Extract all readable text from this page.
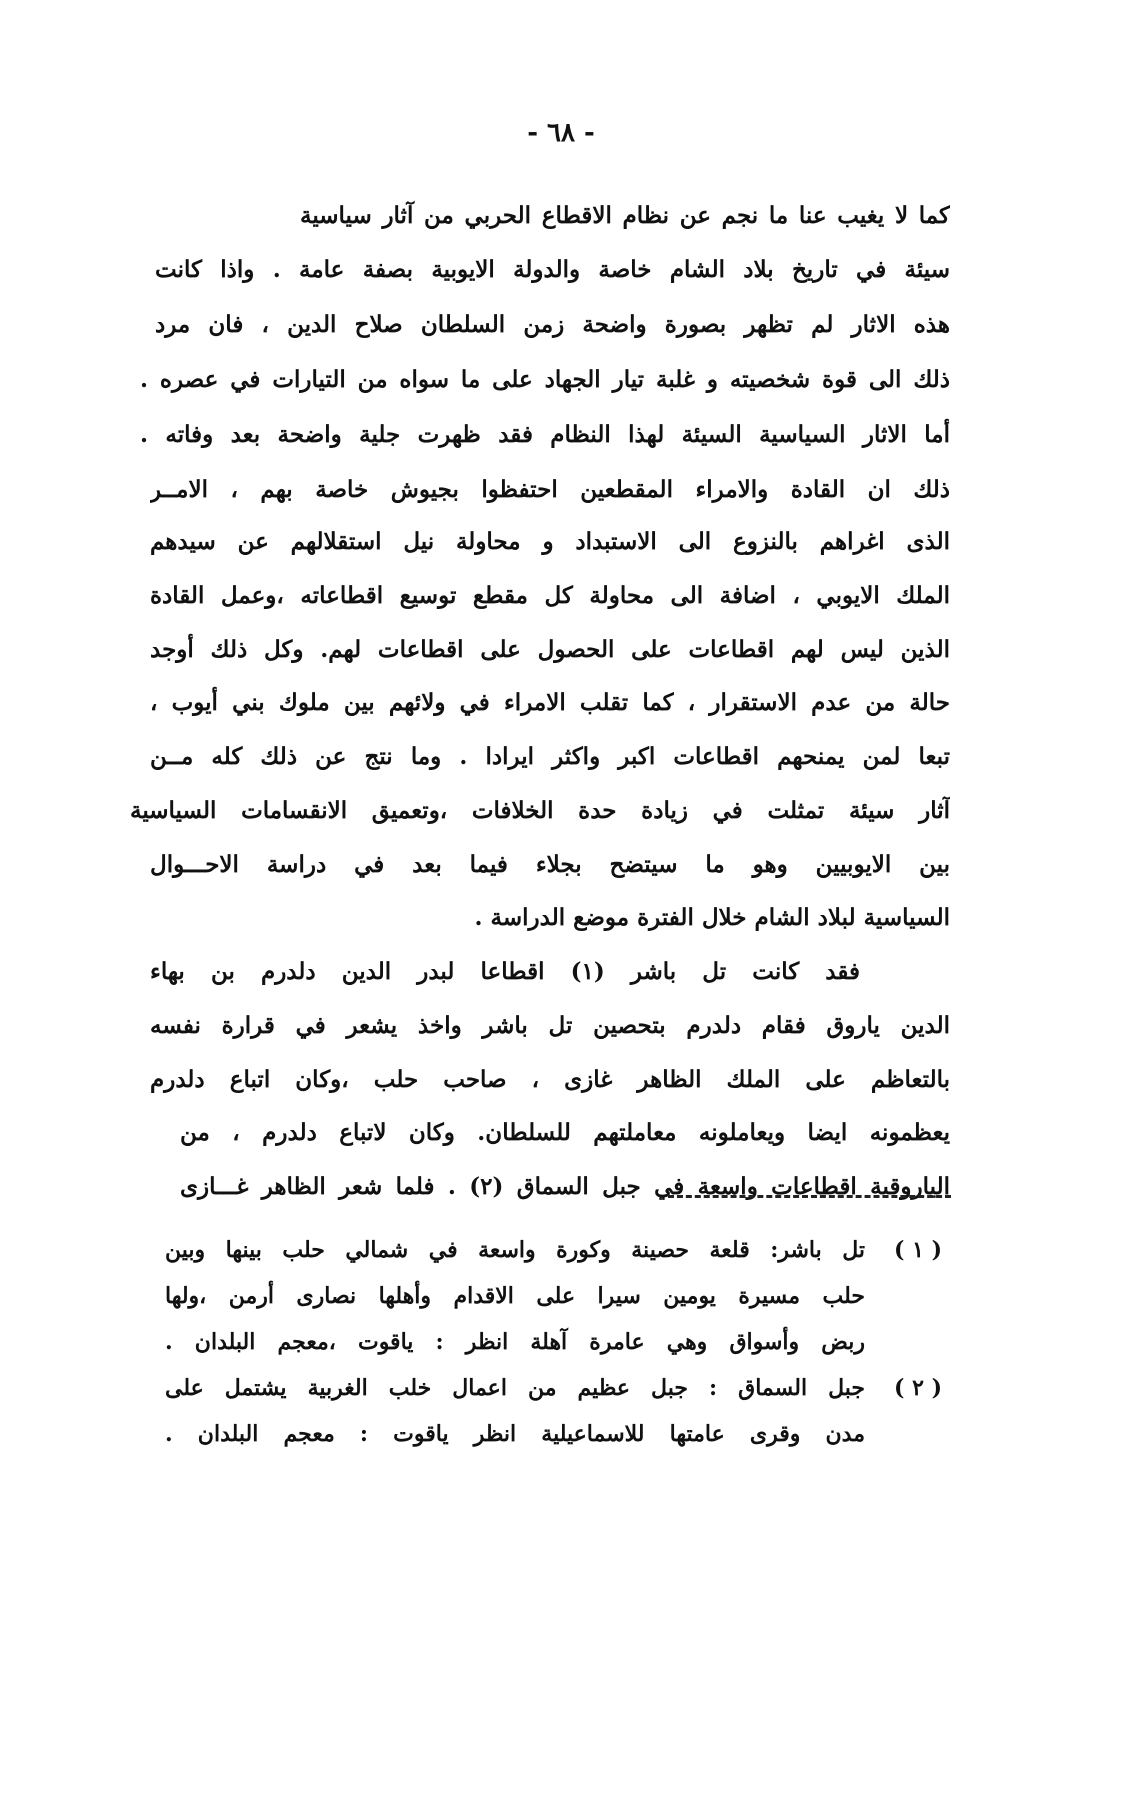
- ٦٨ -
كما لا يغيب عنا ما نجم عن نظام الاقطاع الحربي من آثار سياسية
سيئة في تاريخ بلاد الشام خاصة والدولة الايوبية بصفة عامة . واذا كانت
هذه الاثار لم تظهر بصورة واضحة زمن السلطان صلاح الدين ، فان مرد
ذلك الى قوة شخصيته و غلبة تيار الجهاد على ما سواه من التيارات في عصره .
أما الاثار السياسية السيئة لهذا النظام فقد ظهرت جلية واضحة بعد وفاته .
ذلك ان القادة والامراء المقطعين احتفظوا بجيوش خاصة بهم ، الامــر
الذى اغراهم بالنزوع الى الاستبداد و محاولة نيل استقلالهم عن سيدهم
الملك الايوبي ، اضافة الى محاولة كل مقطع توسيع اقطاعاته ،وعمل القادة
الذين ليس لهم اقطاعات على الحصول على اقطاعات لهم. وكل ذلك أوجد
حالة من عدم الاستقرار ، كما تقلب الامراء في ولائهم بين ملوك بني أيوب ،
تبعا لمن يمنحهم اقطاعات اكبر واكثر ايرادا . وما نتج عن ذلك كله مــن
آثار سيئة تمثلت في زيادة حدة الخلافات ،وتعميق الانقسامات السياسية
بين الايوبيين وهو ما سيتضح بجلاء فيما بعد في دراسة الاحـــوال
السياسية لبلاد الشام خلال الفترة موضع الدراسة .
فقد كانت تل باشر (١) اقطاعا لبدر الدين دلدرم بن بهاء
الدين ياروق فقام دلدرم بتحصين تل باشر واخذ يشعر في قرارة نفسه
بالتعاظم على الملك الظاهر غازى ، صاحب حلب ،وكان اتباع دلدرم
يعظمونه ايضا ويعاملونه معاملتهم للسلطان. وكان لاتباع دلدرم ، من
الياروقية اقطاعات واسعة في جبل السماق (٢) . فلما شعر الظاهر غـــازى
( ١ )
تل باشر: قلعة حصينة وكورة واسعة في شمالي حلب بينها وبين
حلب مسيرة يومين سيرا على الاقدام وأهلها نصارى أرمن ،ولها
ربض وأسواق وهي عامرة آهلة انظر : ياقوت ،معجم البلدان .
( ٢ )
جبل السماق : جبل عظيم من اعمال خلب الغربية يشتمل على
مدن وقرى عامتها للاسماعيلية انظر ياقوت : معجم البلدان .
